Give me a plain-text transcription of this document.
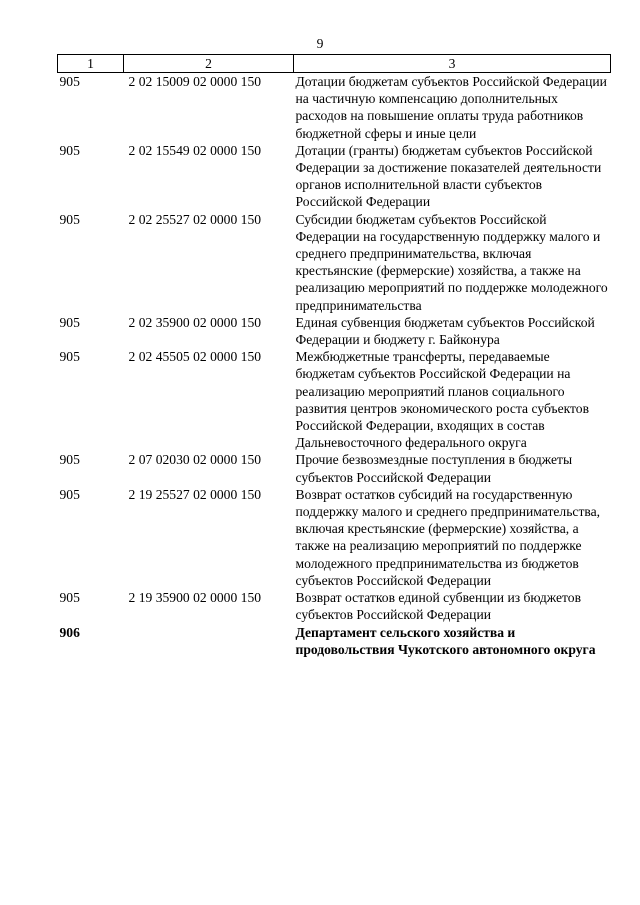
9
1	2	3
905	2 02 15009 02 0000 150	Дотации бюджетам субъектов Российской Федерации на частичную компенсацию дополнительных расходов на повышение оплаты труда работников бюджетной сферы и иные цели
905	2 02 15549 02 0000 150	Дотации (гранты) бюджетам субъектов Российской Федерации за достижение показателей деятельности органов исполнительной власти субъектов Российской Федерации
905	2 02 25527 02 0000 150	Субсидии бюджетам субъектов Российской Федерации на государственную поддержку малого и среднего предпринимательства, включая крестьянские (фермерские) хозяйства, а также на реализацию мероприятий по поддержке молодежного предпринимательства
905	2 02 35900 02 0000 150	Единая субвенция бюджетам субъектов Российской Федерации и бюджету г. Байконура
905	2 02 45505 02 0000 150	Межбюджетные трансферты, передаваемые бюджетам субъектов Российской Федерации на реализацию мероприятий планов социального развития центров экономического роста субъектов Российской Федерации, входящих в состав Дальневосточного федерального округа
905	2 07 02030 02 0000 150	Прочие безвозмездные поступления в бюджеты субъектов Российской Федерации
905	2 19 25527 02 0000 150	Возврат остатков субсидий на государственную поддержку малого и среднего предпринимательства, включая крестьянские (фермерские) хозяйства, а также на реализацию мероприятий по поддержке молодежного предпринимательства из бюджетов субъектов Российской Федерации
905	2 19 35900 02 0000 150	Возврат остатков единой субвенции из бюджетов субъектов Российской Федерации
906		Департамент сельского хозяйства и продовольствия Чукотского автономного округа
